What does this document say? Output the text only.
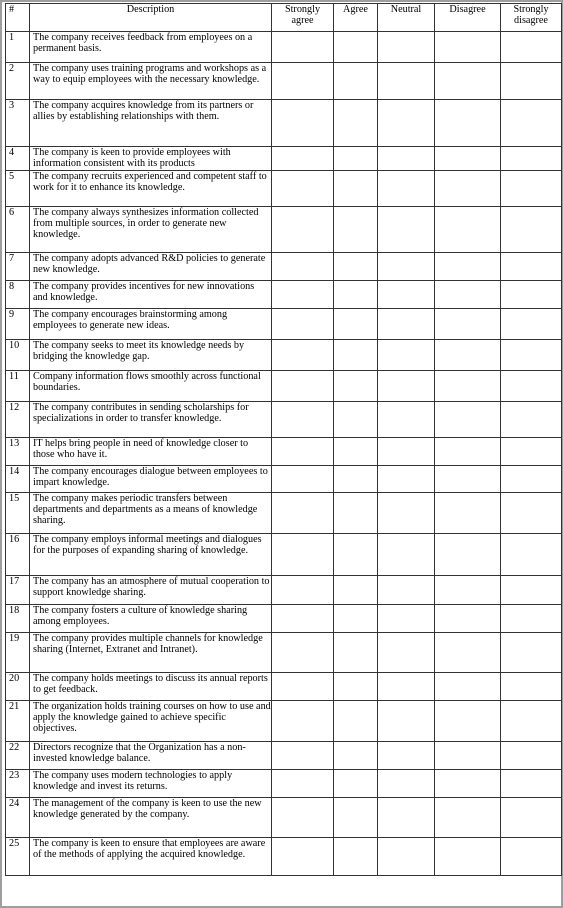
#	Description	Strongly agree	Agree	Neutral	Disagree	Strongly disagree
1	The company receives feedback from employees on a permanent basis.					
2	The company uses training programs and workshops as a way to equip employees with the necessary knowledge.					
3	The company acquires knowledge from its partners or allies by establishing relationships with them.					
4	The company is keen to provide employees with information consistent with its products					
5	The company recruits experienced and competent staff to work for it to enhance its knowledge.					
6	The company always synthesizes information collected from multiple sources, in order to generate new knowledge.					
7	The company adopts advanced R&D policies to generate new knowledge.					
8	The company provides incentives for new innovations and knowledge.					
9	The company encourages brainstorming among employees to generate new ideas.					
10	The company seeks to meet its knowledge needs by bridging the knowledge gap.					
11	Company information flows smoothly across functional boundaries.					
12	The company contributes in sending scholarships for specializations in order to transfer knowledge.					
13	IT helps bring people in need of knowledge closer to those who have it.					
14	The company encourages dialogue between employees to impart knowledge.					
15	The company makes periodic transfers between departments and departments as a means of knowledge sharing.					
16	The company employs informal meetings and dialogues for the purposes of expanding sharing of knowledge.					
17	The company has an atmosphere of mutual cooperation to support knowledge sharing.					
18	The company fosters a culture of knowledge sharing among employees.					
19	The company provides multiple channels for knowledge sharing (Internet, Extranet and Intranet).					
20	The company holds meetings to discuss its annual reports to get feedback.					
21	The organization holds training courses on how to use and apply the knowledge gained to achieve specific objectives.					
22	Directors recognize that the Organization has a non-invested knowledge balance.					
23	The company uses modern technologies to apply knowledge and invest its returns.					
24	The management of the company is keen to use the new knowledge generated by the company.					
25	The company is keen to ensure that employees are aware of the methods of applying the acquired knowledge.					
